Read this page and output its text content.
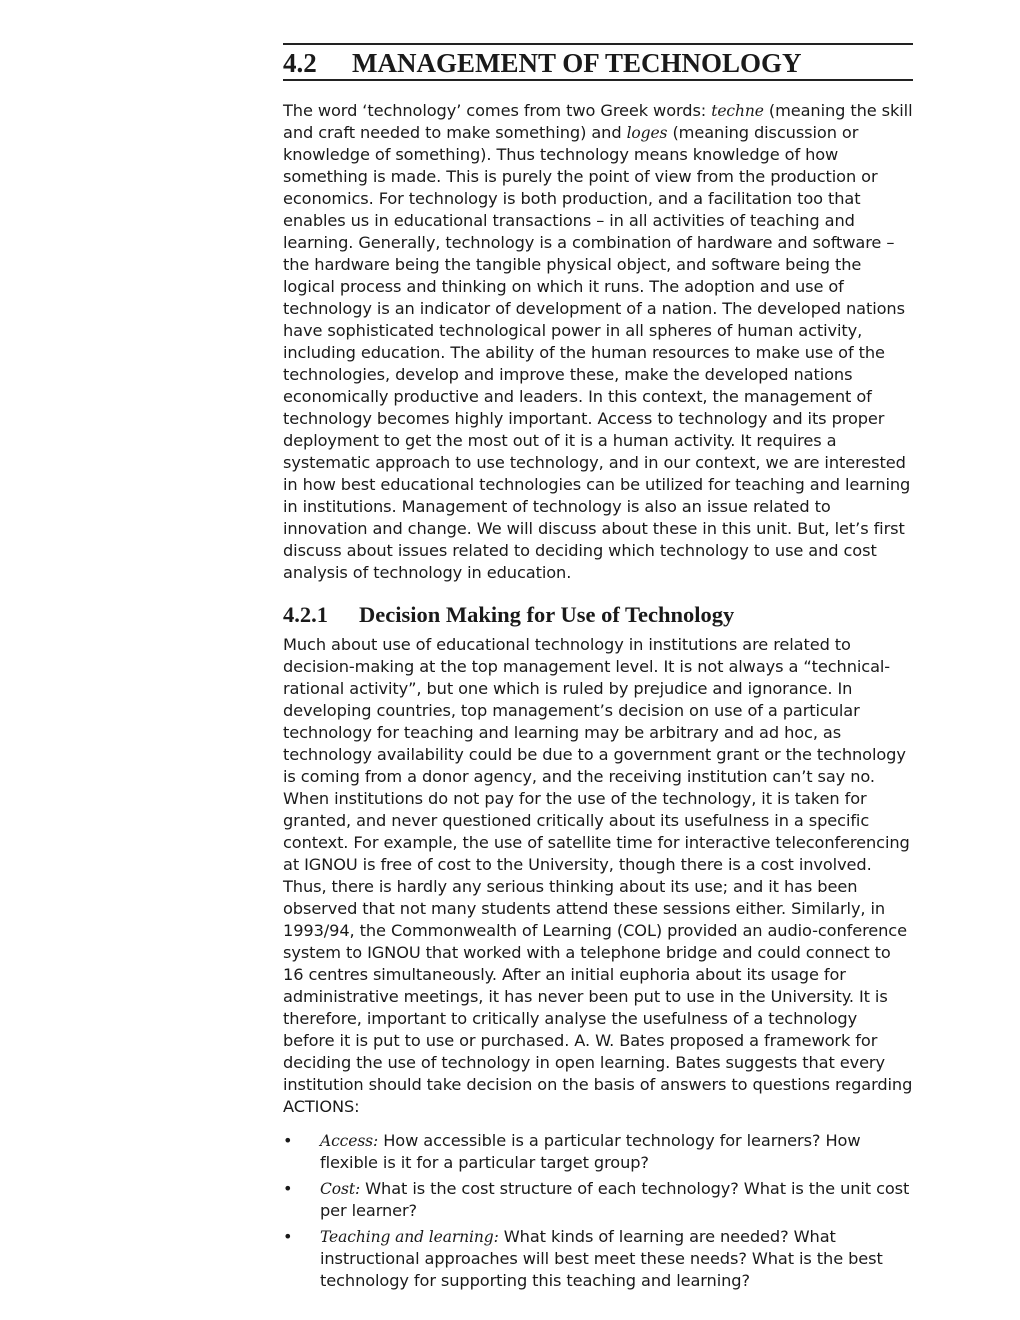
4.2	MANAGEMENT OF TECHNOLOGY

The word ‘technology’ comes from two Greek words: techne (meaning the skill and craft needed to make something) and loges (meaning discussion or knowledge of something). Thus technology means knowledge of how something is made. This is purely the point of view from the production or economics. For technology is both production, and a facilitation too that enables us in educational transactions – in all activities of teaching and learning. Generally, technology is a combination of hardware and software – the hardware being the tangible physical object, and software being the logical process and thinking on which it runs. The adoption and use of technology is an indicator of development of a nation. The developed nations have sophisticated technological power in all spheres of human activity, including education. The ability of the human resources to make use of the technologies, develop and improve these, make the developed nations economically productive and leaders. In this context, the management of technology becomes highly important. Access to technology and its proper deployment to get the most out of it is a human activity. It requires a systematic approach to use technology, and in our context, we are interested in how best educational technologies can be utilized for teaching and learning in institutions. Management of technology is also an issue related to innovation and change. We will discuss about these in this unit. But, let’s first discuss about issues related to deciding which technology to use and cost analysis of technology in education.

4.2.1	Decision Making for Use of Technology

Much about use of educational technology in institutions are related to decision-making at the top management level. It is not always a “technical-rational activity”, but one which is ruled by prejudice and ignorance. In developing countries, top management’s decision on use of a particular technology for teaching and learning may be arbitrary and ad hoc, as technology availability could be due to a government grant or the technology is coming from a donor agency, and the receiving institution can’t say no. When institutions do not pay for the use of the technology, it is taken for granted, and never questioned critically about its usefulness in a specific context. For example, the use of satellite time for interactive teleconferencing at IGNOU is free of cost to the University, though there is a cost involved. Thus, there is hardly any serious thinking about its use; and it has been observed that not many students attend these sessions either. Similarly, in 1993/94, the Commonwealth of Learning (COL) provided an audio-conference system to IGNOU that worked with a telephone bridge and could connect to 16 centres simultaneously. After an initial euphoria about its usage for administrative meetings, it has never been put to use in the University. It is therefore, important to critically analyse the usefulness of a technology before it is put to use or purchased. A. W. Bates proposed a framework for deciding the use of technology in open learning. Bates suggests that every institution should take decision on the basis of answers to questions regarding ACTIONS:

• Access: How accessible is a particular technology for learners? How flexible is it for a particular target group?
• Cost: What is the cost structure of each technology? What is the unit cost per learner?
• Teaching and learning: What kinds of learning are needed? What instructional approaches will best meet these needs? What is the best technology for supporting this teaching and learning?
